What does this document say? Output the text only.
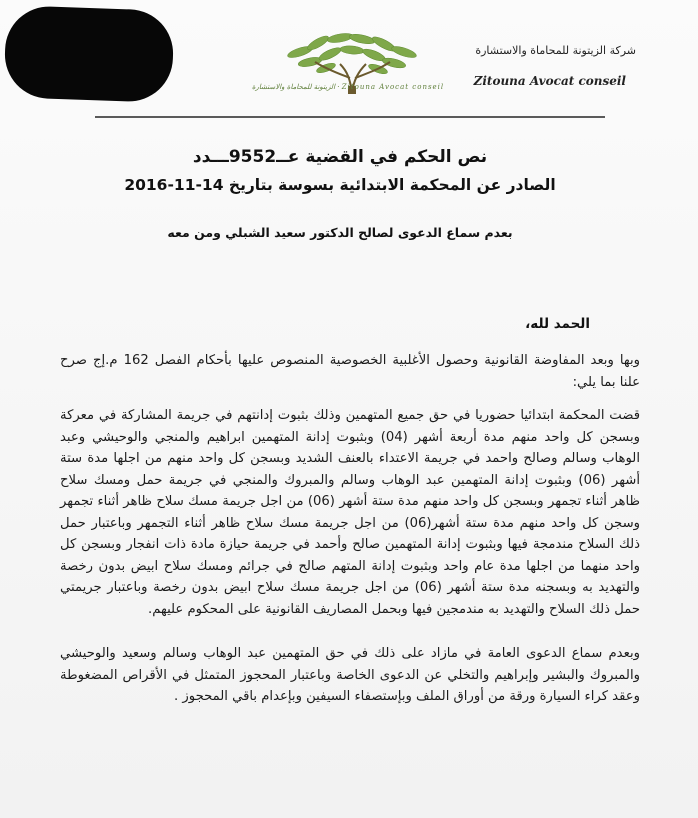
الزيتونة للمحاماة والاستشارة · Zitouna Avocat conseil
شركة الزيتونة للمحاماة والاستشارة
Zitouna Avocat conseil
نص الحكم في القضية عــ9552ـــدد
الصادر عن المحكمة الابتدائية بسوسة بتاريخ 14-11-2016
بعدم سماع الدعوى لصالح الدكتور سعيد الشبلي ومن معه
الحمد لله،

وبها وبعد المفاوضة القانونية وحصول الأغلبية الخصوصية المنصوص عليها بأحكام الفصل 162 م.إج صرح علنا بما يلي:

قضت المحكمة ابتدائيا حضوريا في حق جميع المتهمين وذلك بثبوت إدانتهم في جريمة المشاركة في معركة وبسجن كل واحد منهم مدة أربعة أشهر (04) وبثبوت إدانة المتهمين ابراهيم والمنجي والوحيشي وعبد الوهاب وسالم وصالح واحمد في جريمة الاعتداء بالعنف الشديد وبسجن كل واحد منهم من اجلها مدة ستة أشهر (06) وبثبوت إدانة المتهمين عبد الوهاب وسالم والمبروك والمنجي في جريمة حمل ومسك سلاح ظاهر أثناء تجمهر وبسجن كل واحد منهم مدة ستة أشهر (06) من اجل جريمة مسك سلاح ظاهر أثناء تجمهر وسجن كل واحد منهم مدة ستة أشهر(06) من اجل جريمة مسك سلاح ظاهر أثناء التجمهر وباعتبار حمل ذلك السلاح مندمجة فيها وبثبوت إدانة المتهمين صالح وأحمد في جريمة حيازة مادة ذات انفجار وبسجن كل واحد منهما من اجلها مدة عام واحد وبثبوت إدانة المتهم صالح في جرائم ومسك سلاح ابيض بدون رخصة والتهديد به وبسجنه مدة ستة أشهر (06) من اجل جريمة مسك سلاح ابيض بدون رخصة وباعتبار جريمتي حمل ذلك السلاح والتهديد به مندمجين فيها وبحمل المصاريف القانونية على المحكوم عليهم.

وبعدم سماع الدعوى العامة في مازاد على ذلك في حق المتهمين عبد الوهاب وسالم وسعيد والوحيشي والمبروك والبشير وإبراهيم والتخلي عن الدعوى الخاصة وباعتبار المحجوز المتمثل في الأقراص المضغوطة وعقد كراء السيارة ورقة من أوراق الملف وبإستصفاء السيفين وبإعدام باقي المحجوز .
